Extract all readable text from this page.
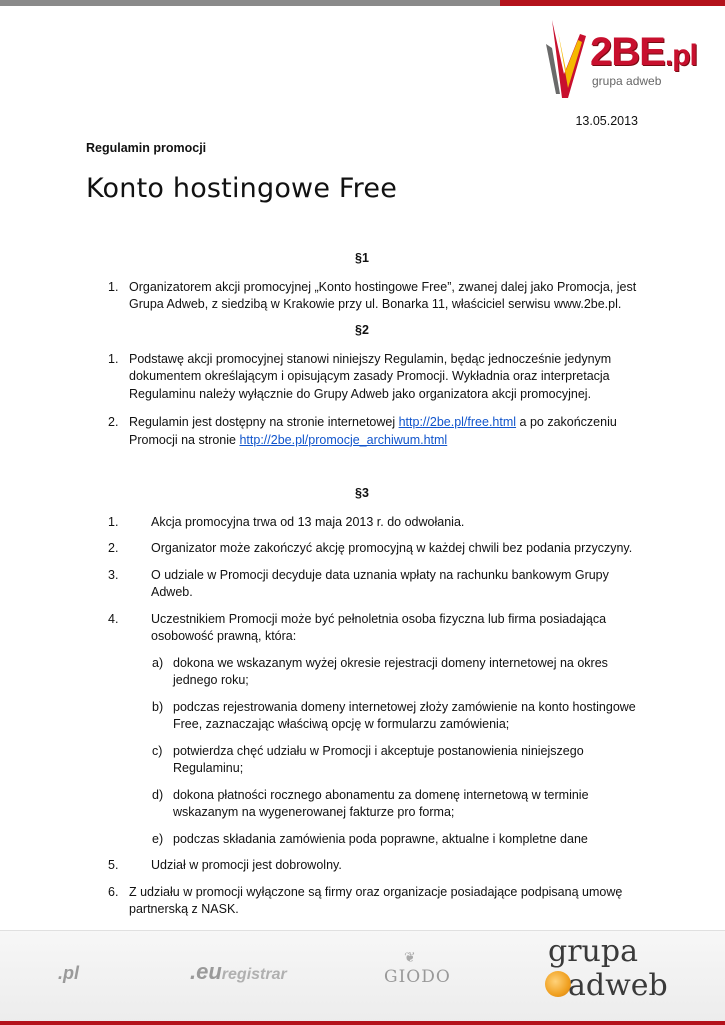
2BE.pl
grupa adweb
13.05.2013
Regulamin promocji
Konto hostingowe Free
§1
1. Organizatorem akcji promocyjnej „Konto hostingowe Free”, zwanej dalej jako Promocja, jest Grupa Adweb, z siedzibą w Krakowie przy ul. Bonarka 11, właściciel serwisu www.2be.pl.
§2
1. Podstawę akcji promocyjnej stanowi niniejszy Regulamin, będąc jednocześnie jedynym dokumentem określającym i opisującym zasady Promocji. Wykładnia oraz interpretacja Regulaminu należy wyłącznie do Grupy Adweb jako organizatora akcji promocyjnej.
2. Regulamin jest dostępny na stronie internetowej http://2be.pl/free.html a po zakończeniu Promocji na stronie http://2be.pl/promocje_archiwum.html
§3
1.	Akcja promocyjna trwa od 13 maja 2013 r. do odwołania.
2.	Organizator może zakończyć akcję promocyjną w każdej chwili bez podania przyczyny.
3.	O udziale w Promocji decyduje data uznania wpłaty na rachunku bankowym Grupy Adweb.
4.	Uczestnikiem Promocji może być pełnoletnia osoba fizyczna lub firma posiadająca osobowość prawną, która:
a) dokona we wskazanym wyżej okresie rejestracji domeny internetowej na okres jednego roku;
b) podczas rejestrowania domeny internetowej złoży zamówienie na konto hostingowe Free, zaznaczając właściwą opcję w formularzu zamówienia;
c) potwierdza chęć udziału w Promocji i akceptuje postanowienia niniejszego Regulaminu;
d) dokona płatności rocznego abonamentu za domenę internetową w terminie wskazanym na wygenerowanej fakturze pro forma;
e) podczas składania zamówienia poda poprawne, aktualne i kompletne dane
5.	Udział w promocji jest dobrowolny.
6. Z udziału w promocji wyłączone są firmy oraz organizacje posiadające podpisaną umowę partnerską z NASK.
.pl	.euregistrar
❦
GIODO
grupa
adweb
